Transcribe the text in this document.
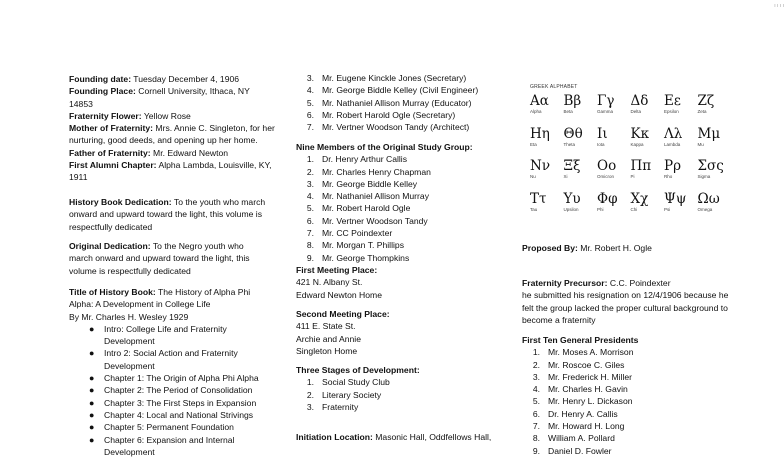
ı ı ı ı
Founding date: Tuesday December 4, 1906
Founding Place: Cornell University, Ithaca, NY
14853
Fraternity Flower: Yellow Rose
Mother of Fraternity: Mrs. Annie C. Singleton, for her
nurturing, good deeds, and opening up her home.
Father of Fraternity: Mr. Edward Newton
First Alumni Chapter: Alpha Lambda, Louisville, KY,
1911
History Book Dedication: To the youth who march
onward and upward toward the light, this volume is
respectfully dedicated
Original Dedication: To the Negro youth who
march onward and upward toward the light, this
volume is respectfully dedicated
Title of History Book: The History of Alpha Phi
Alpha: A Development in College Life
By Mr. Charles H. Wesley 1929
● Intro: College Life and Fraternity
Development
● Intro 2: Social Action and Fraternity
Development
● Chapter 1: The Origin of Alpha Phi Alpha
● Chapter 2: The Period of Consolidation
● Chapter 3: The First Steps in Expansion
● Chapter 4: Local and National Strivings
● Chapter 5: Permanent Foundation
● Chapter 6: Expansion and Internal
Development
3. Mr. Eugene Kinckle Jones (Secretary)
4. Mr. George Biddle Kelley (Civil Engineer)
5. Mr. Nathaniel Allison Murray (Educator)
6. Mr. Robert Harold Ogle (Secretary)
7. Mr. Vertner Woodson Tandy (Architect)
Nine Members of the Original Study Group:
1. Dr. Henry Arthur Callis
2. Mr. Charles Henry Chapman
3. Mr. George Biddle Kelley
4. Mr. Nathaniel Allison Murray
5. Mr. Robert Harold Ogle
6. Mr. Vertner Woodson Tandy
7. Mr. CC Poindexter
8. Mr. Morgan T. Phillips
9. Mr. George Thompkins
First Meeting Place:
421 N. Albany St.
Edward Newton Home
Second Meeting Place:
411 E. State St.
Archie and Annie
Singleton Home
Three Stages of Development:
1. Social Study Club
2. Literary Society
3. Fraternity
Initiation Location: Masonic Hall, Oddfellows Hall,
GREEK ALPHABET
Αα
Alpha
Ββ
Beta
Γγ
Gamma
Δδ
Delta
Εε
Epsilon
Ζζ
Zeta
Ηη
Eta
Θθ
Theta
Ιι
Iota
Κκ
Kappa
Λλ
Lambda
Μμ
Mu
Νν
Nu
Ξξ
Xi
Οο
Omicron
Ππ
Pi
Ρρ
Rho
Σσς
Sigma
Ττ
Tau
Υυ
Upsilon
Φφ
Phi
Χχ
Chi
Ψψ
Psi
Ωω
Omega
Proposed By: Mr. Robert H. Ogle
Fraternity Precursor: C.C. Poindexter
he submitted his resignation on 12/4/1906 because he
felt the group lacked the proper cultural background to
become a fraternity
First Ten General Presidents
1. Mr. Moses A. Morrison
2. Mr. Roscoe C. Giles
3. Mr. Frederick H. Miller
4. Mr. Charles H. Gavin
5. Mr. Henry L. Dickason
6. Dr. Henry A. Callis
7. Mr. Howard H. Long
8. William A. Pollard
9. Daniel D. Fowler
